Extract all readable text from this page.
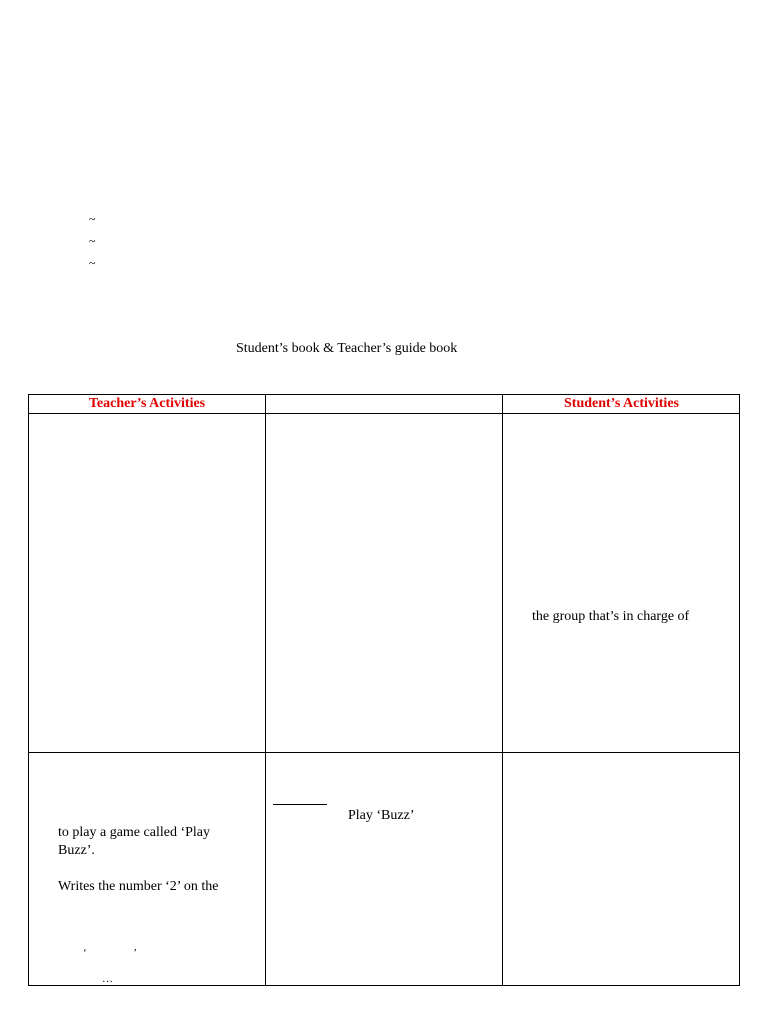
~
~
~
Student’s book & Teacher’s guide book
Teacher’s Activities	Student’s Activities
the group that’s in charge of
to play a game called ‘Play
Buzz’.
Writes the number ‘2’ on the
‘ ’
…
Play ‘Buzz’
